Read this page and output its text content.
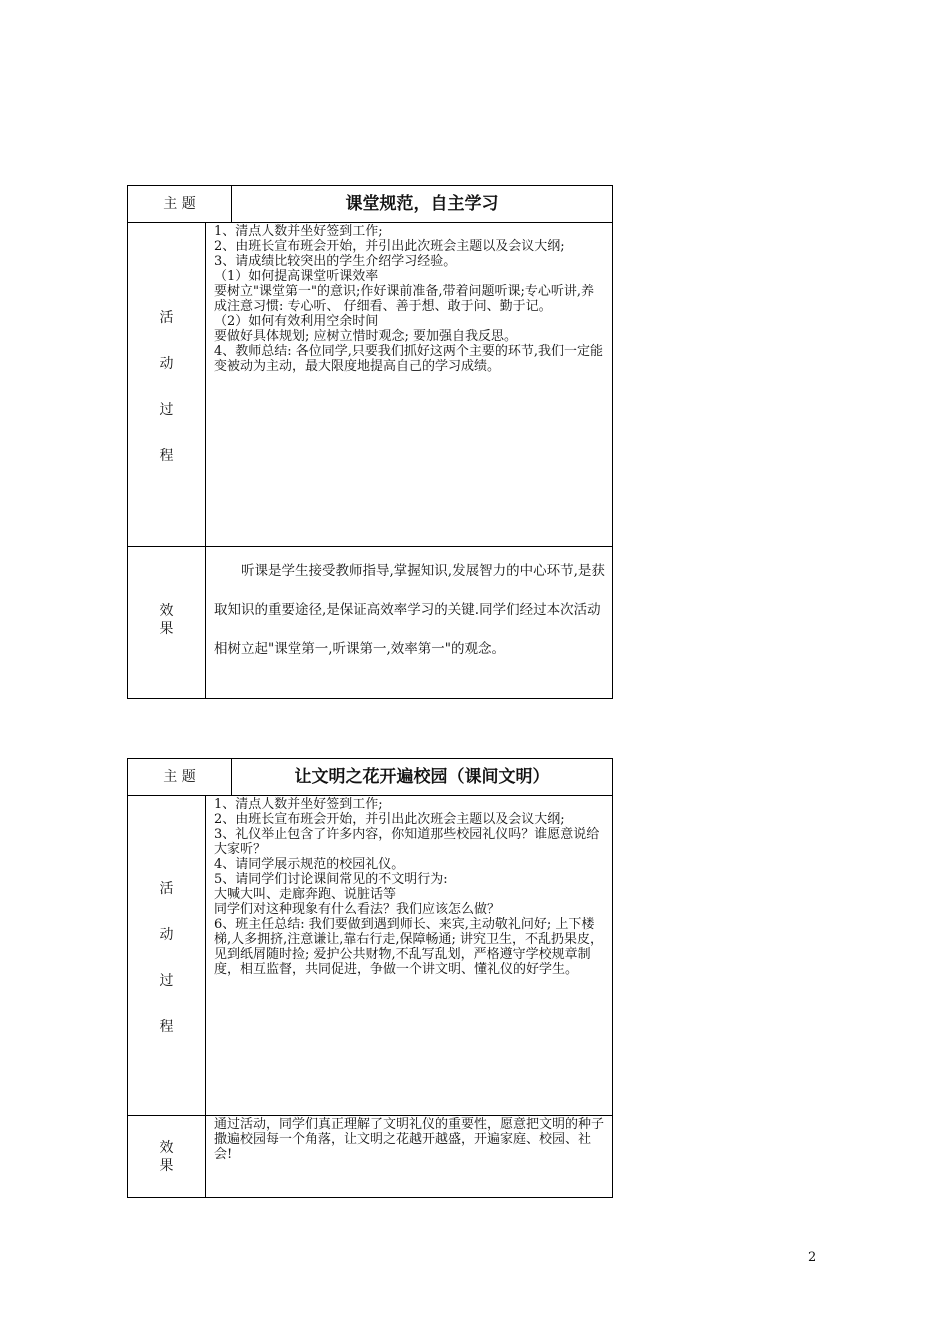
主 题	课堂规范，自主学习
活
动
过
程
1、清点人数并坐好签到工作;
2、由班长宣布班会开始，并引出此次班会主题以及会议大纲;
3、请成绩比较突出的学生介绍学习经验。
（1）如何提高课堂听课效率
要树立"课堂第一"的意识;作好课前准备,带着问题听课;专心听讲,养成注意习惯: 专心听、 仔细看、善于想、敢于问、勤于记。
（2）如何有效利用空余时间
要做好具体规划; 应树立惜时观念; 要加强自我反思。
4、教师总结: 各位同学,只要我们抓好这两个主要的环节,我们一定能变被动为主动，最大限度地提高自己的学习成绩。
效
果
　　听课是学生接受教师指导,掌握知识,发展智力的中心环节,是获取知识的重要途径,是保证高效率学习的关键.同学们经过本次活动相树立起"课堂第一,听课第一,效率第一"的观念。
主 题	让文明之花开遍校园（课间文明）
活
动
过
程
1、清点人数并坐好签到工作;
2、由班长宣布班会开始，并引出此次班会主题以及会议大纲;
3、礼仪举止包含了许多内容，你知道那些校园礼仪吗？谁愿意说给大家听？
4、请同学展示规范的校园礼仪。
5、请同学们讨论课间常见的不文明行为:
大喊大叫、走廊奔跑、说脏话等
同学们对这种现象有什么看法？我们应该怎么做？
6、班主任总结: 我们要做到遇到师长、来宾,主动敬礼问好; 上下楼梯,人多拥挤,注意谦让,靠右行走,保障畅通; 讲究卫生，不乱扔果皮，见到纸屑随时捡; 爱护公共财物,不乱写乱划，严格遵守学校规章制度，相互监督，共同促进，争做一个讲文明、懂礼仪的好学生。
效
果
通过活动，同学们真正理解了文明礼仪的重要性，愿意把文明的种子撒遍校园每一个角落，让文明之花越开越盛，开遍家庭、校园、社会!
2
